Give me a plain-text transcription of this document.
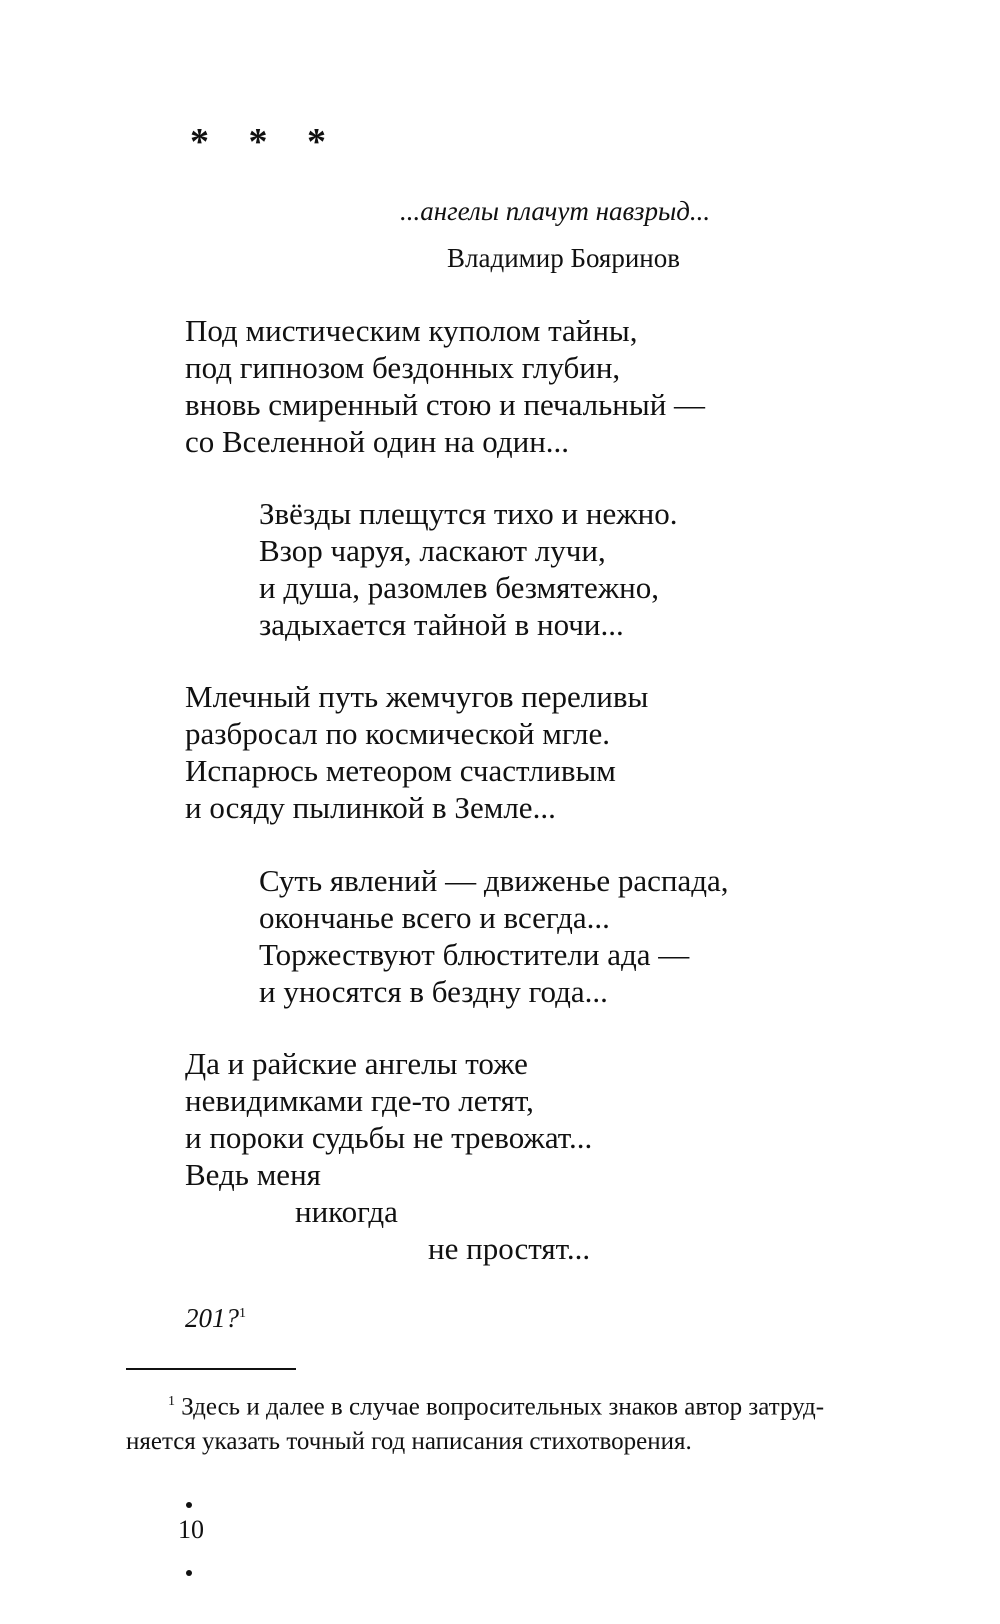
* * *
...ангелы плачут навзрыд...
Владимир Бояринов
Под мистическим куполом тайны,
под гипнозом бездонных глубин,
вновь смиренный стою и печальный —
со Вселенной один на один...
Звёзды плещутся тихо и нежно.
Взор чаруя, ласкают лучи,
и душа, разомлев безмятежно,
задыхается тайной в ночи...
Млечный путь жемчугов переливы
разбросал по космической мгле.
Испарюсь метеором счастливым
и осяду пылинкой в Земле...
Суть явлений — движенье распада,
окончанье всего и всегда...
Торжествуют блюстители ада —
и уносятся в бездну года...
Да и райские ангелы тоже
невидимками где-то летят,
и пороки судьбы не тревожат...
Ведь меня
никогда
не простят...
201?$^1$
$^1$ Здесь и далее в случае вопросительных знаков автор затруд-
няется указать точный год написания стихотворения.
10
